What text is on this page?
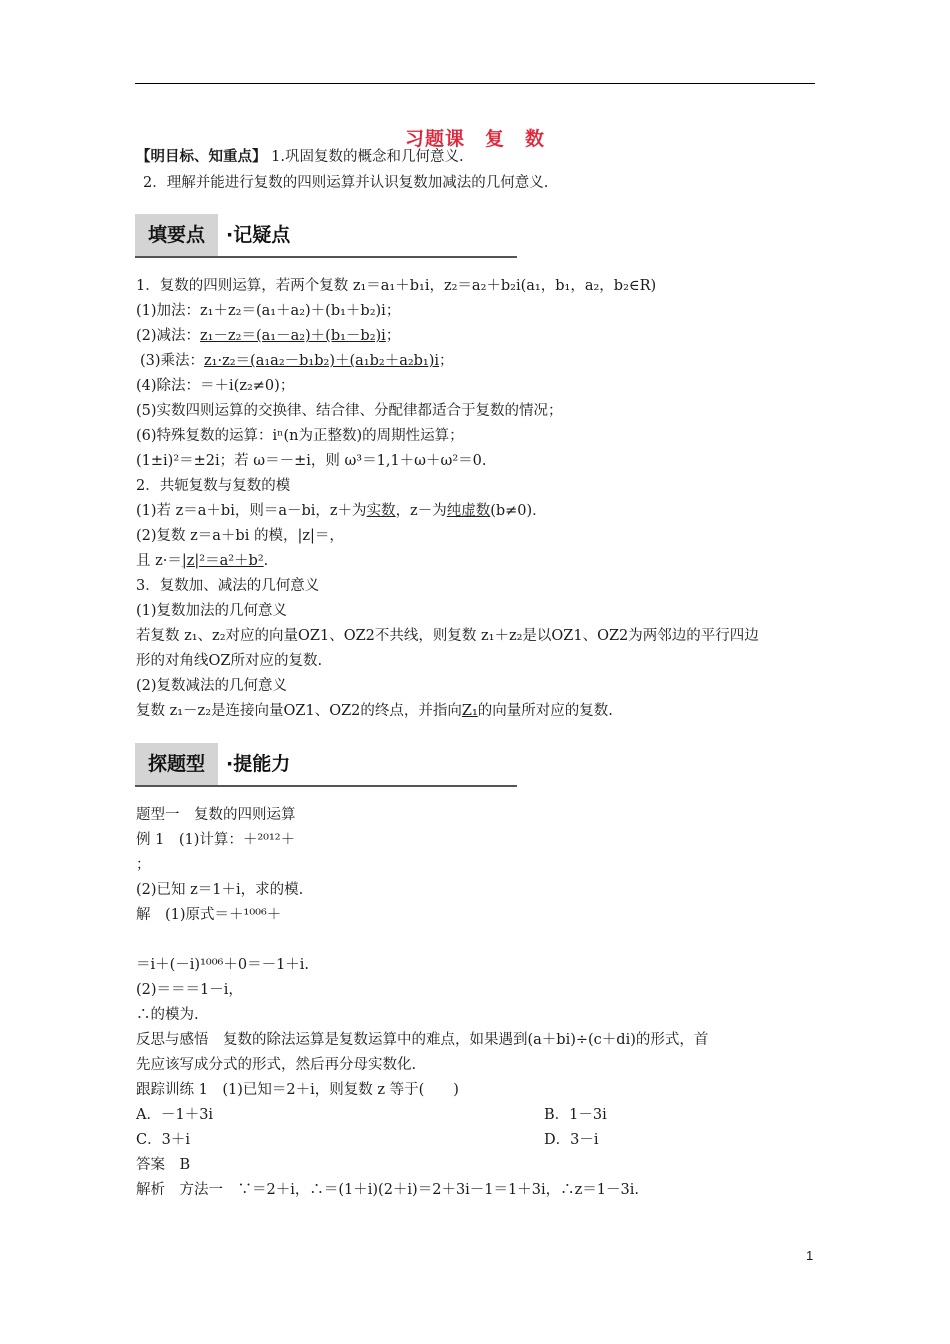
习题课　复　数
【明目标、知重点】 1.巩固复数的概念和几何意义.
2．理解并能进行复数的四则运算并认识复数加减法的几何意义.
填要点	·记疑点
1．复数的四则运算，若两个复数 z₁＝a₁＋b₁i，z₂＝a₂＋b₂i(a₁，b₁，a₂，b₂∈R)
(1)加法：z₁＋z₂＝(a₁＋a₂)＋(b₁＋b₂)i；
(2)减法：z₁－z₂＝(a₁－a₂)＋(b₁－b₂)i；
(3)乘法：z₁·z₂＝(a₁a₂－b₁b₂)＋(a₁b₂＋a₂b₁)i；
(4)除法：＝＋i(z₂≠0)；
(5)实数四则运算的交换律、结合律、分配律都适合于复数的情况；
(6)特殊复数的运算：iⁿ(n为正整数)的周期性运算；
(1±i)²＝±2i；若 ω＝－±i，则 ω³＝1,1＋ω＋ω²＝0.
2．共轭复数与复数的模
(1)若 z＝a＋bi，则＝a－bi，z＋为实数，z－为纯虚数(b≠0)．
(2)复数 z＝a＋bi 的模，|z|＝，
且 z·＝|z|²＝a²＋b².
3．复数加、减法的几何意义
(1)复数加法的几何意义
若复数 z₁、z₂对应的向量OZ1、OZ2不共线，则复数 z₁＋z₂是以OZ1、OZ2为两邻边的平行四边
形的对角线OZ所对应的复数.
(2)复数减法的几何意义
复数 z₁－z₂是连接向量OZ1、OZ2的终点，并指向Z₁的向量所对应的复数.
探题型	·提能力
题型一　复数的四则运算
例 1　(1)计算：＋²⁰¹²＋
；
(2)已知 z＝1＋i，求的模.
解　(1)原式＝＋¹⁰⁰⁶＋
＝i＋(－i)¹⁰⁰⁶＋0＝－1＋i.
(2)＝＝＝1－i，
∴的模为.
反思与感悟　复数的除法运算是复数运算中的难点，如果遇到(a＋bi)÷(c＋di)的形式，首
先应该写成分式的形式，然后再分母实数化.
跟踪训练 1　(1)已知＝2＋i，则复数 z 等于(　　)
A．－1＋3i	B．1－3i
C．3＋i	D．3－i
答案　B
解析　方法一　∵＝2＋i，∴＝(1＋i)(2＋i)＝2＋3i－1＝1＋3i，∴z＝1－3i.
1
